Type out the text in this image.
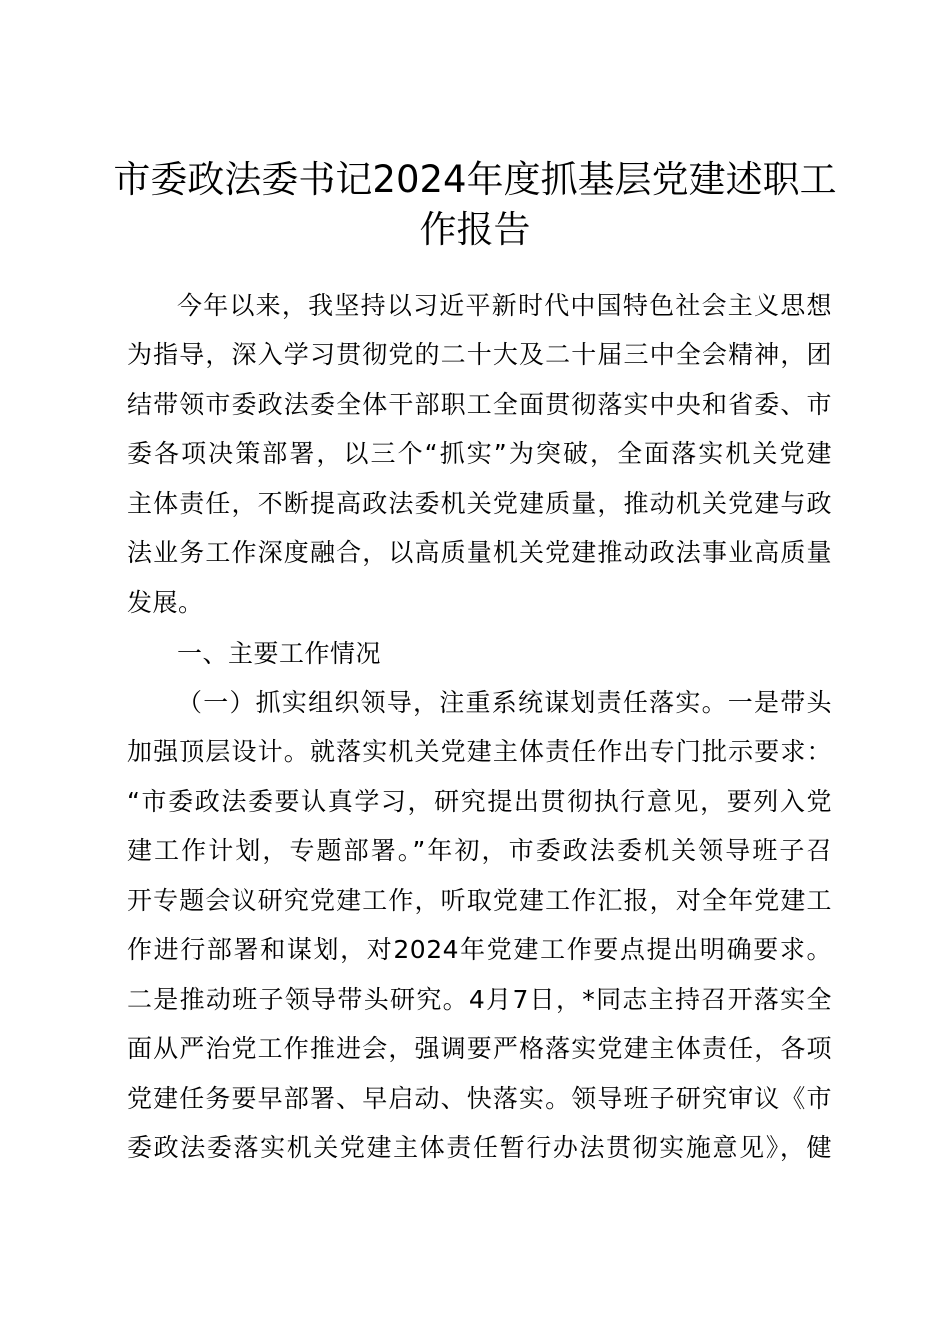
市委政法委书记2024年度抓基层党建述职工
作报告
今年以来，我坚持以习近平新时代中国特色社会主义思想
为指导，深入学习贯彻党的二十大及二十届三中全会精神，团
结带领市委政法委全体干部职工全面贯彻落实中央和省委、市
委各项决策部署，以三个“抓实”为突破，全面落实机关党建
主体责任，不断提高政法委机关党建质量，推动机关党建与政
法业务工作深度融合，以高质量机关党建推动政法事业高质量
发展。
一、主要工作情况
（一）抓实组织领导，注重系统谋划责任落实。一是带头
加强顶层设计。就落实机关党建主体责任作出专门批示要求：
“市委政法委要认真学习，研究提出贯彻执行意见，要列入党
建工作计划，专题部署。”年初，市委政法委机关领导班子召
开专题会议研究党建工作，听取党建工作汇报，对全年党建工
作进行部署和谋划，对2024年党建工作要点提出明确要求。
二是推动班子领导带头研究。4月7日，*同志主持召开落实全
面从严治党工作推进会，强调要严格落实党建主体责任，各项
党建任务要早部署、早启动、快落实。领导班子研究审议《市
委政法委落实机关党建主体责任暂行办法贯彻实施意见》，健
